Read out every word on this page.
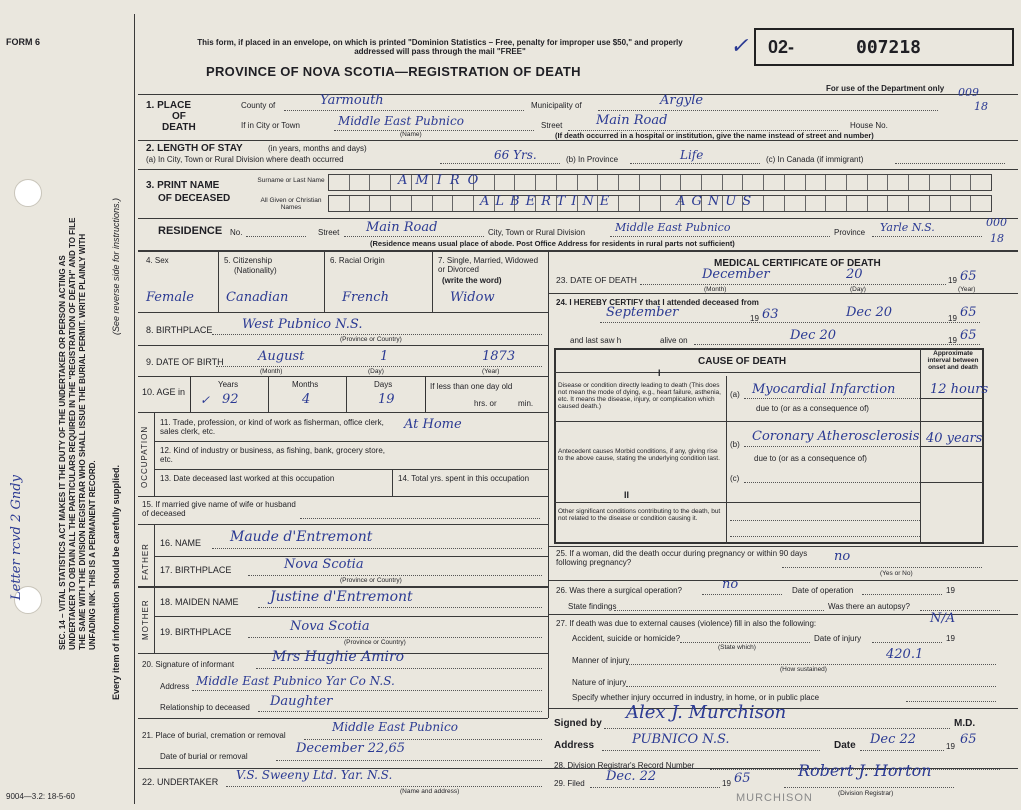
FORM 6
SEC. 14 – VITAL STATISTICS ACT MAKES IT THE DUTY OF THE UNDERTAKER OR PERSON ACTING AS UNDERTAKER TO OBTAIN ALL THE PARTICULARS REQUIRED IN THE "REGISTRATION OF DEATH" AND TO FILE THE SAME WITH THE DIVISION REGISTRAR WHO SHALL ISSUE THE BURIAL PERMIT. WRITE PLAINLY WITH UNFADING INK. THIS IS A PERMANENT RECORD.
(See reverse side for instructions.)
Every item of information should be carefully supplied.
Letter rcvd 2 Gndy
9004—3.2: 18-5-60
This form, if placed in an envelope, on which is printed "Dominion Statistics – Free, penalty for improper use $50," and properly addressed will pass through the mail "FREE"
PROVINCE OF NOVA SCOTIA—REGISTRATION OF DEATH
✓ 02-	007218
For use of the Department only
1. PLACE
OF
DEATH
County of	Yarmouth	Municipality of	Argyle
009
18
If in City or Town	Middle East Pubnico
(Name)
Street	Main Road	House No.
(If death occurred in a hospital or institution, give the name instead of street and number)
2. LENGTH OF STAY	(in years, months and days)
(a) In City, Town or Rural Division where death occurred	66 Yrs.	(b) In Province	Life	(c) In Canada (if immigrant)
3. PRINT NAME
OF DECEASED
Surname or Last Name	AMIRO
All Given or Christian Names	ALBERTINE      AGNUS
RESIDENCE No.	Street Main Road	City, Town or Rural Division	Middle East Pubnico	Province Yarle N.S.	000
18
(Residence means usual place of abode. Post Office Address for residents in rural parts not sufficient)
4. Sex	5. Citizenship
(Nationality)
6. Racial Origin	7. Single, Married, Widowed or Divorced
(write the word)
Female Canadian	French	Widow
8. BIRTHPLACE West Pubnico N.S.
(Province or Country)
9. DATE OF BIRTH	August	1	1873
(Month)	(Day)	(Year)
10. AGE in
Years	Months	Days
✓ 92	4	19
If less than one day old
hrs. or	min.
OCCUPATION
11. Trade, profession, or kind of work as fisherman, office clerk, sales clerk, etc.	At Home
12. Kind of industry or business, as fishing, bank, grocery store, etc.
13. Date deceased last worked at this occupation	14. Total yrs. spent in this occupation
15. If married give name of wife or husband of deceased
FATHER
MOTHER
16. NAME Maude d'Entremont
17. BIRTHPLACE	Nova Scotia
(Province or Country)
18. MAIDEN NAME Justine d'Entremont
19. BIRTHPLACE	Nova Scotia
(Province or Country)
20. Signature of informant	Mrs Hughie Amiro
Address Middle East Pubnico Yar Co N.S.
Relationship to deceased Daughter
21. Place of burial, cremation or removal
Middle East Pubnico
Date of burial or removal
December 22,65
22. UNDERTAKER V.S. Sweeny Ltd. Yar. N.S.
(Name and address)
MEDICAL CERTIFICATE OF DEATH
23. DATE OF DEATH	December	20	19 65
(Month)	(Day)	(Year)
24. I HEREBY CERTIFY that I attended deceased from
September	19 63	Dec 20	19 65
and last saw h	alive on	Dec 20	19 65
CAUSE OF DEATH
Approximate interval between onset and death
I
Disease or condition directly leading to death (This does not mean the mode of dying, e.g., heart failure, asthenia, etc. It means the disease, injury, or complication which caused death.)
(a) Myocardial Infarction	12 hours
due to (or as a consequence of)
Antecedent causes Morbid conditions, if any, giving rise to the above cause, stating the underlying condition last.
(b)
Coronary Atherosclerosis 40 years
due to (or as a consequence of)
(c)
II
Other significant conditions contributing to the death, but not related to the disease or condition causing it.
25. If a woman, did the death occur during pregnancy or within 90 days following pregnancy?	no
(Yes or No)
26. Was there a surgical operation?	no	Date of operation	19
State findings	Was there an autopsy?
27. If death was due to external causes (violence) fill in also the following:	N/A
Accident, suicide or homicide?	Date of injury	19
(State which)
Manner of injury	420.1
(How sustained)
Nature of injury
Specify whether injury occurred in industry, in home, or in public place
Signed by
Alex J. Murchison
M.D.
Address	PUBNICO N.S.	Date Dec 22	19 65
28. Division Registrar's Record Number
29. Filed Dec. 22	19 65	Robert J. Horton
(Division Registrar)
MURCHISON
